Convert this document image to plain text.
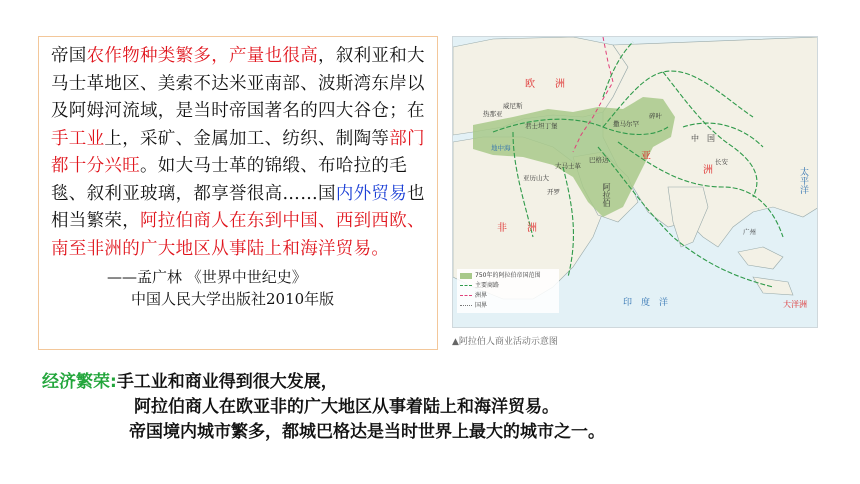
帝国农作物种类繁多，产量也很高，叙利亚和大马士革地区、美索不达米亚南部、波斯湾东岸以及阿姆河流域，是当时帝国著名的四大谷仓；在手工业上，采矿、金属加工、纺织、制陶等部门都十分兴旺。如大马士革的锦缎、布哈拉的毛毯、叙利亚玻璃，都享誉很高……国内外贸易也相当繁荣，阿拉伯商人在东到中国、西到西欧、南至非洲的广大地区从事陆上和海洋贸易。

——孟广林 《世界中世纪史》
中国人民大学出版社2010年版
欧　　洲
威尼斯
热那亚
君士坦丁堡	撒马尔罕
碎叶
地中海
巴格达
大马士革
亚历山大
开罗	阿拉伯
亚
洲
中　国
长安
广州
非　　洲
印　度　洋
太平洋
大洋洲
750年的阿拉伯帝国范围
主要商路
洲界
国界
▲阿拉伯人商业活动示意图
经济繁荣:手工业和商业得到很大发展，
阿拉伯商人在欧亚非的广大地区从事着陆上和海洋贸易。
帝国境内城市繁多，都城巴格达是当时世界上最大的城市之一。
